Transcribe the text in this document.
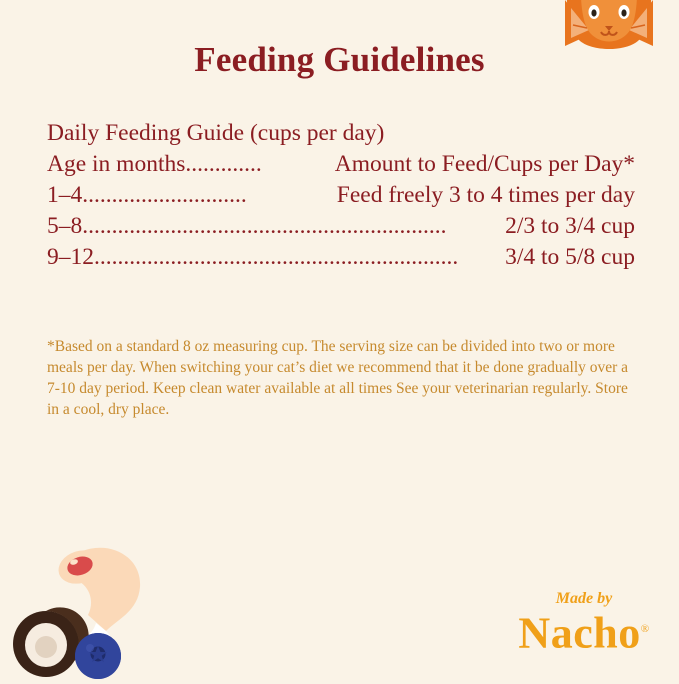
Feeding Guidelines
Daily Feeding Guide (cups per day)
Age in months .............	Amount to Feed/Cups per Day*
1–4 ............................	Feed freely 3 to 4 times per day
5–8 ..............................................................	2/3 to 3/4 cup
9–12 ..............................................................	3/4 to 5/8 cup
*Based on a standard 8 oz measuring cup. The serving size can be divided into two or more meals per day. When switching your cat’s diet we recommend that it be done gradually over a 7-10 day period. Keep clean water available at all times See your veterinarian regularly. Store in a cool, dry place.
Made by
Nacho®
